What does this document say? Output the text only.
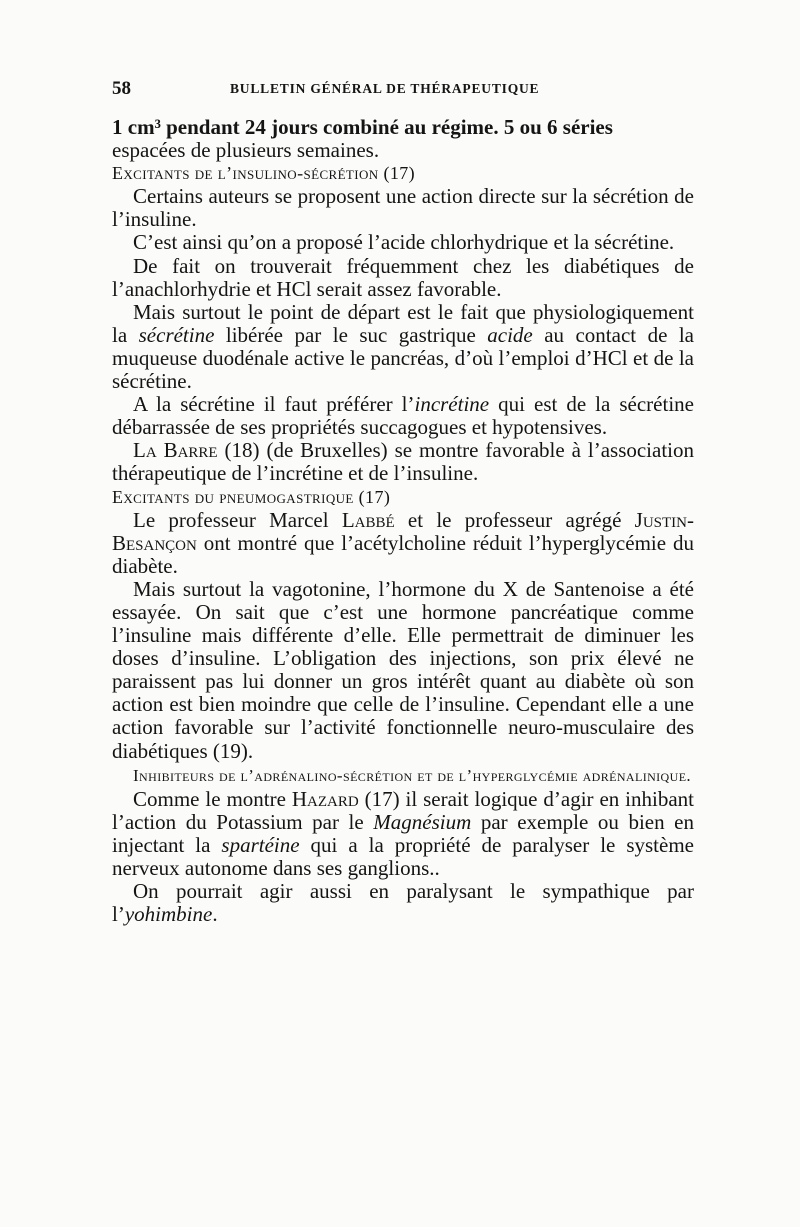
58	BULLETIN GÉNÉRAL DE THÉRAPEUTIQUE

1 cm³ pendant 24 jours combiné au régime. 5 ou 6 séries

espacées de plusieurs semaines.

Excitants de l’insulino-sécrétion (17)

Certains auteurs se proposent une action directe sur la sécrétion de l’insuline.

C’est ainsi qu’on a proposé l’acide chlorhydrique et la sécrétine.

De fait on trouverait fréquemment chez les diabétiques de l’anachlorhydrie et HCl serait assez favorable.

Mais surtout le point de départ est le fait que physiologiquement la sécrétine libérée par le suc gastrique acide au contact de la muqueuse duodénale active le pancréas, d’où l’emploi d’HCl et de la sécrétine.

A la sécrétine il faut préférer l’incrétine qui est de la sécrétine débarrassée de ses propriétés succagogues et hypotensives.

La Barre (18) (de Bruxelles) se montre favorable à l’association thérapeutique de l’incrétine et de l’insuline.

Excitants du pneumogastrique (17)

Le professeur Marcel Labbé et le professeur agrégé Justin-Besançon ont montré que l’acétylcholine réduit l’hyperglycémie du diabète.

Mais surtout la vagotonine, l’hormone du X de Santenoise a été essayée. On sait que c’est une hormone pancréatique comme l’insuline mais différente d’elle. Elle permettrait de diminuer les doses d’insuline. L’obligation des injections, son prix élevé ne paraissent pas lui donner un gros intérêt quant au diabète où son action est bien moindre que celle de l’insuline. Cependant elle a une action favorable sur l’activité fonctionnelle neuro-musculaire des diabétiques (19).

Inhibiteurs de l’adrénalino-sécrétion et de l’hyperglycémie adrénalinique.

Comme le montre Hazard (17) il serait logique d’agir en inhibant l’action du Potassium par le Magnésium par exemple ou bien en injectant la spartéine qui a la propriété de paralyser le système nerveux autonome dans ses ganglions..

On pourrait agir aussi en paralysant le sympathique par l’yohimbine.
